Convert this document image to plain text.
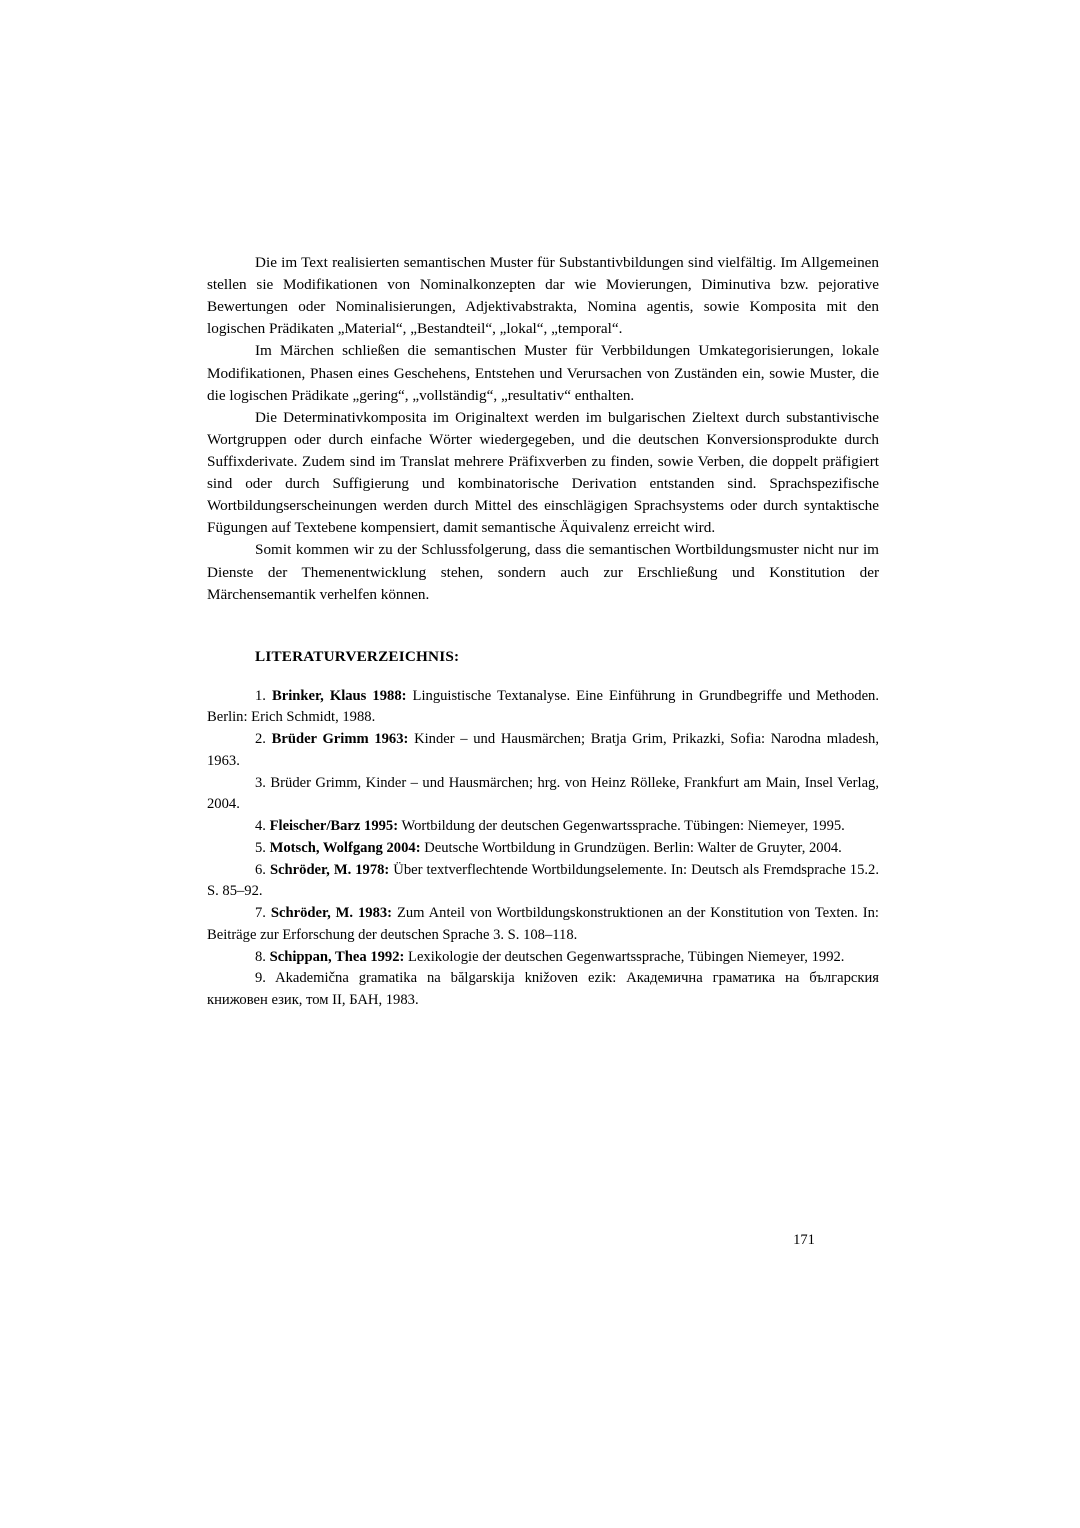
Die im Text realisierten semantischen Muster für Substantivbildungen sind vielfältig. Im Allgemeinen stellen sie Modifikationen von Nominalkonzepten dar wie Movierungen, Diminutiva bzw. pejorative Bewertungen oder Nominalisierungen, Adjektivabstrakta, Nomina agentis, sowie Komposita mit den logischen Prädikaten „Material“, „Bestandteil“, „lokal“, „temporal“.

Im Märchen schließen die semantischen Muster für Verbbildungen Umkategorisierungen, lokale Modifikationen, Phasen eines Geschehens, Entstehen und Verursachen von Zuständen ein, sowie Muster, die die logischen Prädikate „gering“, „vollständig“, „resultativ“ enthalten.

Die Determinativkomposita im Originaltext werden im bulgarischen Zieltext durch substantivische Wortgruppen oder durch einfache Wörter wiedergegeben, und die deutschen Konversionsprodukte durch Suffixderivate. Zudem sind im Translat mehrere Präfixverben zu finden, sowie Verben, die doppelt präfigiert sind oder durch Suffigierung und kombinatorische Derivation entstanden sind. Sprachspezifische Wortbildungserscheinungen werden durch Mittel des einschlägigen Sprachsystems oder durch syntaktische Fügungen auf Textebene kompensiert, damit semantische Äquivalenz erreicht wird.

Somit kommen wir zu der Schlussfolgerung, dass die semantischen Wortbildungsmuster nicht nur im Dienste der Themenentwicklung stehen, sondern auch zur Erschließung und Konstitution der Märchensemantik verhelfen können.

LITERATURVERZEICHNIS:

1. Brinker, Klaus 1988: Linguistische Textanalyse. Eine Einführung in Grundbegriffe und Methoden. Berlin: Erich Schmidt, 1988.

2. Brüder Grimm 1963: Kinder – und Hausmärchen; Bratja Grim, Prikazki, Sofia: Narodna mladesh, 1963.

3. Brüder Grimm, Kinder – und Hausmärchen; hrg. von Heinz Rölleke, Frankfurt am Main, Insel Verlag, 2004.

4. Fleischer/Barz 1995: Wortbildung der deutschen Gegenwartssprache. Tübingen: Niemeyer, 1995.

5. Motsch, Wolfgang 2004: Deutsche Wortbildung in Grundzügen. Berlin: Walter de Gruyter, 2004.

6. Schröder, M. 1978: Über textverflechtende Wortbildungselemente. In: Deutsch als Fremdsprache 15.2. S. 85–92.

7. Schröder, M. 1983: Zum Anteil von Wortbildungskonstruktionen an der Konstitution von Texten. In: Beiträge zur Erforschung der deutschen Sprache 3. S. 108–118.

8. Schippan, Thea 1992: Lexikologie der deutschen Gegenwartssprache, Tübingen Niemeyer, 1992.

9. Akademična gramatika na bălgarskija knižoven ezik: Академична граматика на българския книжовен език, том II, БАН, 1983.

171
